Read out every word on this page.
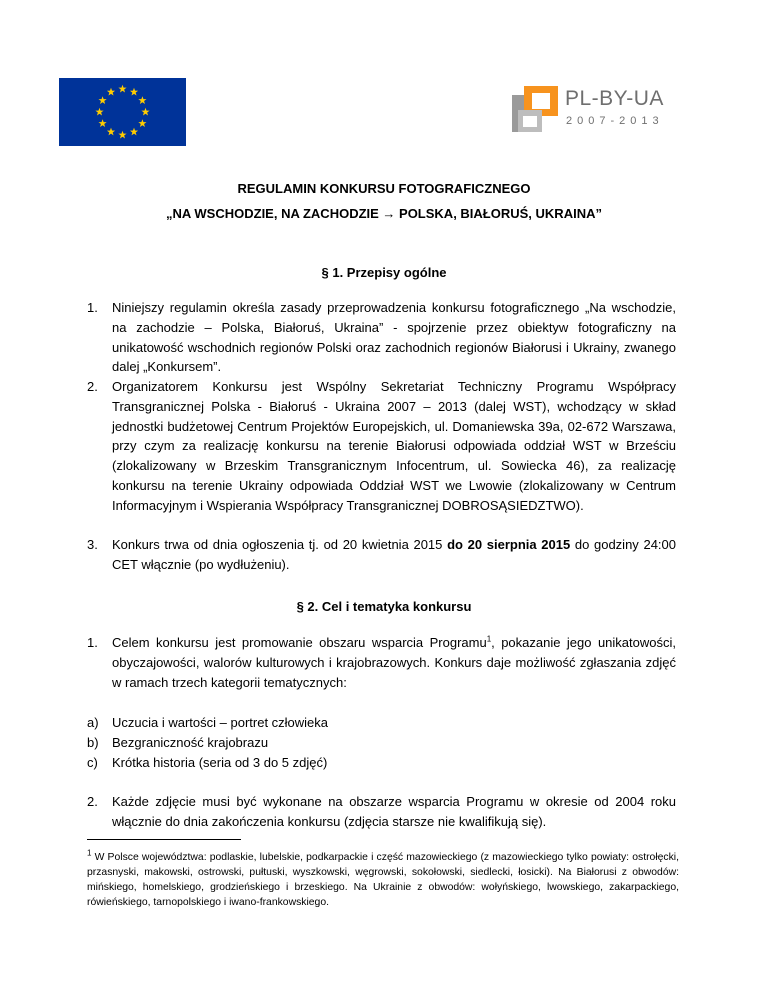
PL-BY-UA
2007-2013
REGULAMIN KONKURSU FOTOGRAFICZNEGO
„NA WSCHODZIE, NA ZACHODZIE → POLSKA, BIAŁORUŚ, UKRAINA”
§ 1. Przepisy ogólne
1. Niniejszy regulamin określa zasady przeprowadzenia konkursu fotograficznego „Na wschodzie, na zachodzie – Polska, Białoruś, Ukraina” - spojrzenie przez obiektyw fotograficzny na unikatowość wschodnich regionów Polski oraz zachodnich regionów Białorusi i Ukrainy, zwanego dalej „Konkursem”.
2. Organizatorem Konkursu jest Wspólny Sekretariat Techniczny Programu Współpracy Transgranicznej Polska - Białoruś - Ukraina 2007 – 2013 (dalej WST), wchodzący w skład jednostki budżetowej Centrum Projektów Europejskich, ul. Domaniewska 39a, 02-672 Warszawa, przy czym za realizację konkursu na terenie Białorusi odpowiada oddział WST w Brześciu (zlokalizowany w Brzeskim Transgranicznym Infocentrum, ul. Sowiecka 46), za realizację konkursu na terenie Ukrainy odpowiada Oddział WST we Lwowie (zlokalizowany w Centrum Informacyjnym i Wspierania Współpracy Transgranicznej DOBROSĄSIEDZTWO).
3. Konkurs trwa od dnia ogłoszenia tj. od 20 kwietnia 2015 do 20 sierpnia 2015 do godziny 24:00 CET włącznie (po wydłużeniu).
§ 2. Cel i tematyka konkursu
1. Celem konkursu jest promowanie obszaru wsparcia Programu$^1$, pokazanie jego unikatowości, obyczajowości, walorów kulturowych i krajobrazowych. Konkurs daje możliwość zgłaszania zdjęć w ramach trzech kategorii tematycznych:
a) Uczucia i wartości – portret człowieka
b) Bezgraniczność krajobrazu
c) Krótka historia (seria od 3 do 5 zdjęć)
2. Każde zdjęcie musi być wykonane na obszarze wsparcia Programu w okresie od 2004 roku włącznie do dnia zakończenia konkursu (zdjęcia starsze nie kwalifikują się).
$^1$ W Polsce województwa: podlaskie, lubelskie, podkarpackie i część mazowieckiego (z mazowieckiego tylko powiaty: ostrołęcki, przasnyski, makowski, ostrowski, pułtuski, wyszkowski, węgrowski, sokołowski, siedlecki, łosicki). Na Białorusi z obwodów: mińskiego, homelskiego, grodzieńskiego i brzeskiego. Na Ukrainie z obwodów: wołyńskiego, lwowskiego, zakarpackiego, rówieńskiego, tarnopolskiego i iwano-frankowskiego.
